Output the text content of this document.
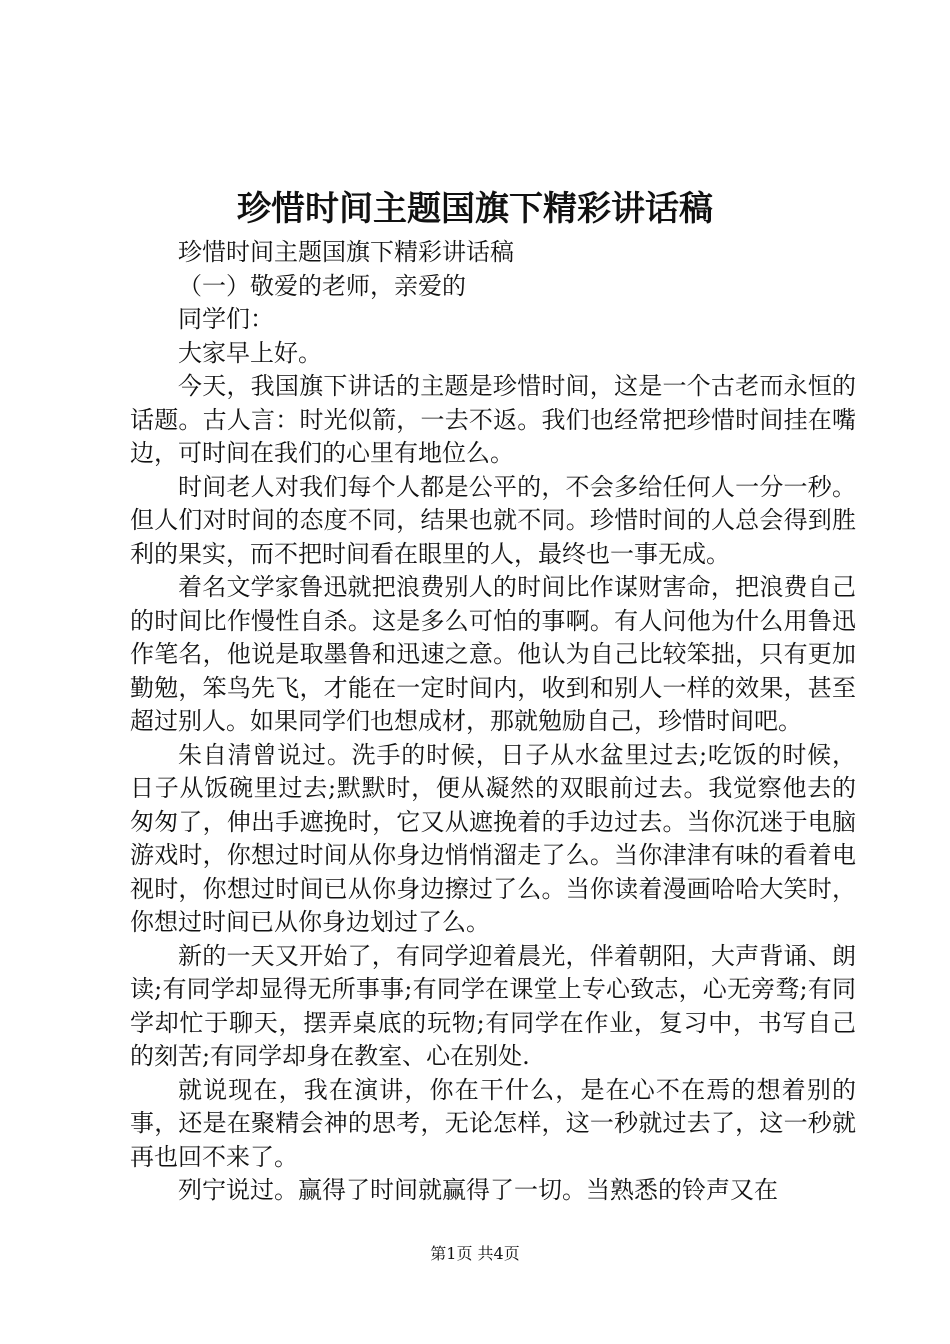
珍惜时间主题国旗下精彩讲话稿

珍惜时间主题国旗下精彩讲话稿

（一）敬爱的老师，亲爱的

同学们：

大家早上好。

今天，我国旗下讲话的主题是珍惜时间，这是一个古老而永恒的话题。古人言：时光似箭，一去不返。我们也经常把珍惜时间挂在嘴边，可时间在我们的心里有地位么。

时间老人对我们每个人都是公平的，不会多给任何人一分一秒。但人们对时间的态度不同，结果也就不同。珍惜时间的人总会得到胜利的果实，而不把时间看在眼里的人，最终也一事无成。

着名文学家鲁迅就把浪费别人的时间比作谋财害命，把浪费自己的时间比作慢性自杀。这是多么可怕的事啊。有人问他为什么用鲁迅作笔名，他说是取墨鲁和迅速之意。他认为自己比较笨拙，只有更加勤勉，笨鸟先飞，才能在一定时间内，收到和别人一样的效果，甚至超过别人。如果同学们也想成材，那就勉励自己，珍惜时间吧。

朱自清曾说过。洗手的时候，日子从水盆里过去;吃饭的时候，日子从饭碗里过去;默默时，便从凝然的双眼前过去。我觉察他去的匆匆了，伸出手遮挽时，它又从遮挽着的手边过去。当你沉迷于电脑游戏时，你想过时间从你身边悄悄溜走了么。当你津津有味的看着电视时，你想过时间已从你身边擦过了么。当你读着漫画哈哈大笑时，你想过时间已从你身边划过了么。

新的一天又开始了，有同学迎着晨光，伴着朝阳，大声背诵、朗读;有同学却显得无所事事;有同学在课堂上专心致志，心无旁骛;有同学却忙于聊天，摆弄桌底的玩物;有同学在作业，复习中，书写自己的刻苦;有同学却身在教室、心在别处.

就说现在，我在演讲，你在干什么，是在心不在焉的想着别的事，还是在聚精会神的思考，无论怎样，这一秒就过去了，这一秒就再也回不来了。

列宁说过。赢得了时间就赢得了一切。当熟悉的铃声又在

第1页 共4页
